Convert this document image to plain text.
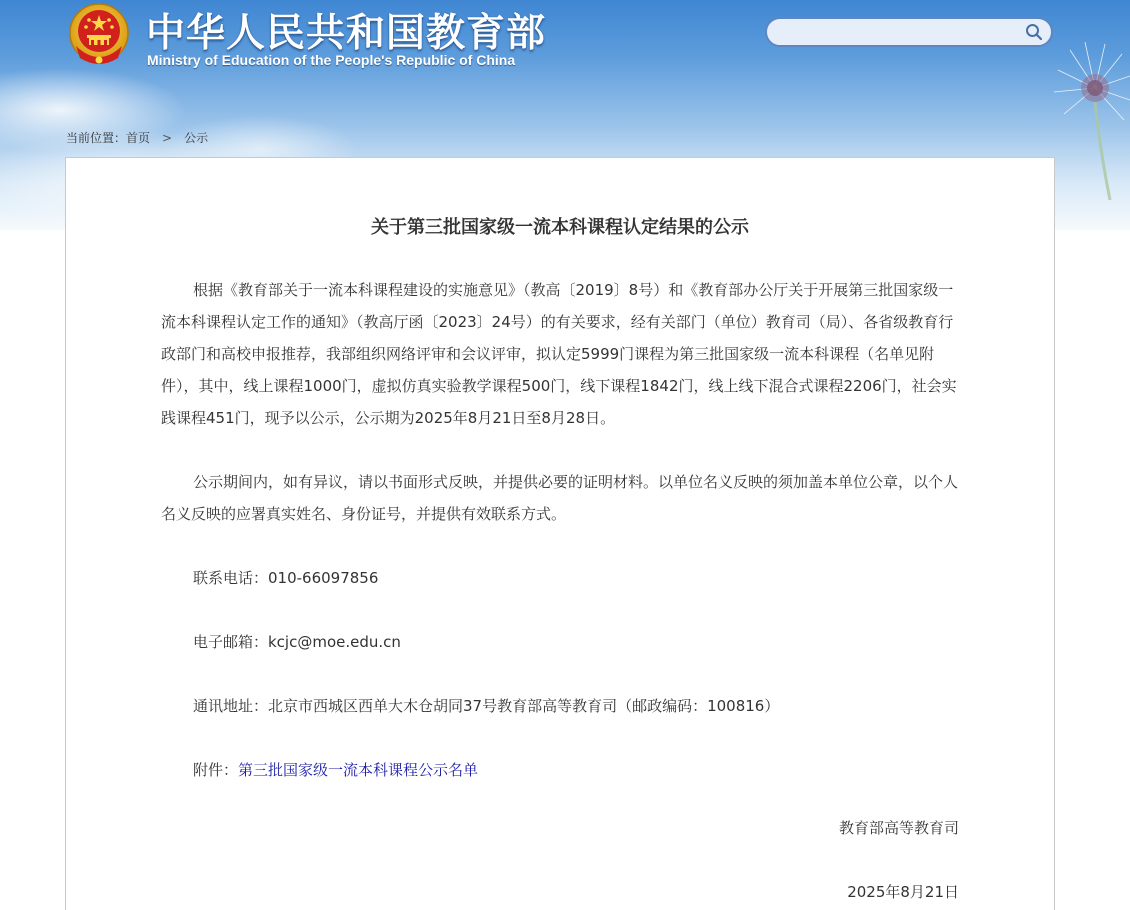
中华人民共和国教育部
Ministry of Education of the People's Republic of China
当前位置：首页 > 公示
关于第三批国家级一流本科课程认定结果的公示

根据《教育部关于一流本科课程建设的实施意见》（教高〔2019〕8号）和《教育部办公厅关于开展第三批国家级一流本科课程认定工作的通知》（教高厅函〔2023〕24号）的有关要求，经有关部门（单位）教育司（局）、各省级教育行政部门和高校申报推荐，我部组织网络评审和会议评审，拟认定5999门课程为第三批国家级一流本科课程（名单见附件），其中，线上课程1000门，虚拟仿真实验教学课程500门，线下课程1842门，线上线下混合式课程2206门，社会实践课程451门，现予以公示，公示期为2025年8月21日至8月28日。

公示期间内，如有异议，请以书面形式反映，并提供必要的证明材料。以单位名义反映的须加盖本单位公章，以个人名义反映的应署真实姓名、身份证号，并提供有效联系方式。

联系电话：010-66097856

电子邮箱：kcjc@moe.edu.cn

通讯地址：北京市西城区西单大木仓胡同37号教育部高等教育司（邮政编码：100816）

附件：第三批国家级一流本科课程公示名单

教育部高等教育司
2025年8月21日
